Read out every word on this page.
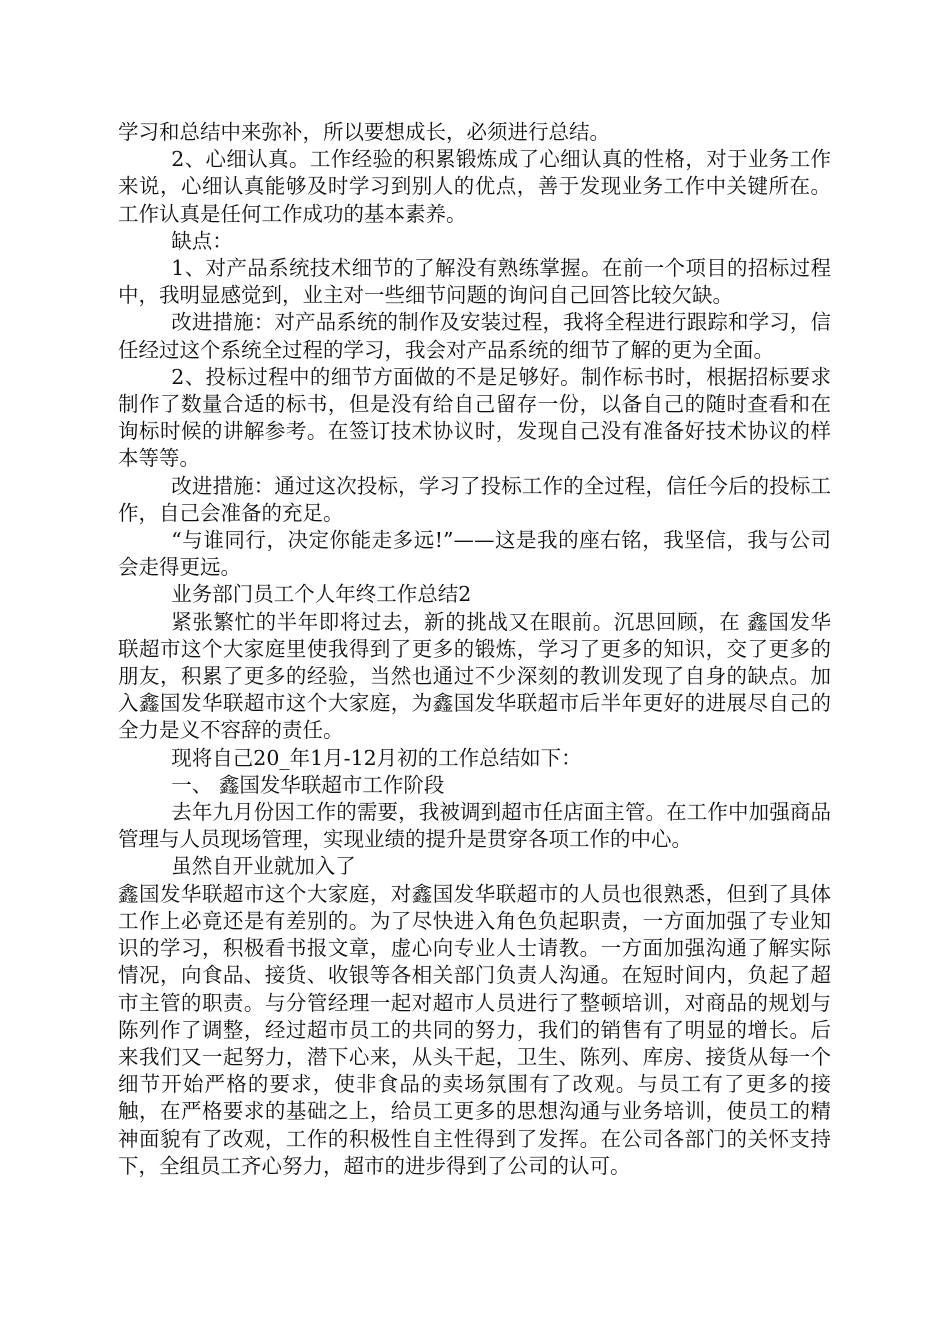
学习和总结中来弥补，所以要想成长，必须进行总结。

2、心细认真。工作经验的积累锻炼成了心细认真的性格，对于业务工作来说，心细认真能够及时学习到别人的优点，善于发现业务工作中关键所在。工作认真是任何工作成功的基本素养。

缺点：

1、对产品系统技术细节的了解没有熟练掌握。在前一个项目的招标过程中，我明显感觉到，业主对一些细节问题的询问自己回答比较欠缺。

改进措施：对产品系统的制作及安装过程，我将全程进行跟踪和学习，信任经过这个系统全过程的学习，我会对产品系统的细节了解的更为全面。

2、投标过程中的细节方面做的不是足够好。制作标书时，根据招标要求制作了数量合适的标书，但是没有给自己留存一份，以备自己的随时查看和在询标时候的讲解参考。在签订技术协议时，发现自己没有准备好技术协议的样本等等。

改进措施：通过这次投标，学习了投标工作的全过程，信任今后的投标工作，自己会准备的充足。

“与谁同行，决定你能走多远!”——这是我的座右铭，我坚信，我与公司会走得更远。

业务部门员工个人年终工作总结2

紧张繁忙的半年即将过去，新的挑战又在眼前。沉思回顾，在 鑫国发华联超市这个大家庭里使我得到了更多的锻炼，学习了更多的知识，交了更多的朋友，积累了更多的经验，当然也通过不少深刻的教训发现了自身的缺点。加入鑫国发华联超市这个大家庭，为鑫国发华联超市后半年更好的进展尽自己的全力是义不容辞的责任。

现将自己20_年1月-12月初的工作总结如下：

一、 鑫国发华联超市工作阶段

去年九月份因工作的需要，我被调到超市任店面主管。在工作中加强商品管理与人员现场管理，实现业绩的提升是贯穿各项工作的中心。

虽然自开业就加入了

鑫国发华联超市这个大家庭，对鑫国发华联超市的人员也很熟悉，但到了具体工作上必竟还是有差别的。为了尽快进入角色负起职责，一方面加强了专业知识的学习，积极看书报文章，虚心向专业人士请教。一方面加强沟通了解实际情况，向食品、接货、收银等各相关部门负责人沟通。在短时间内，负起了超市主管的职责。与分管经理一起对超市人员进行了整顿培训，对商品的规划与陈列作了调整，经过超市员工的共同的努力，我们的销售有了明显的增长。后来我们又一起努力，潜下心来，从头干起，卫生、陈列、库房、接货从每一个细节开始严格的要求，使非食品的卖场氛围有了改观。与员工有了更多的接触，在严格要求的基础之上，给员工更多的思想沟通与业务培训，使员工的精神面貌有了改观，工作的积极性自主性得到了发挥。在公司各部门的关怀支持下，全组员工齐心努力，超市的进步得到了公司的认可。
